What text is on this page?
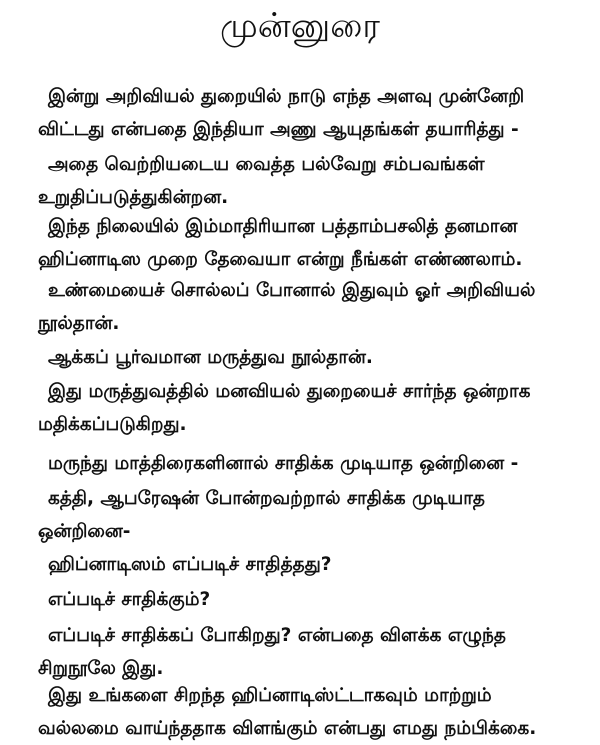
முன்னுரை

இன்று அறிவியல் துறையில் நாடு எந்த அளவு முன்னேறி
விட்டது என்பதை இந்தியா அணு ஆயுதங்கள் தயாரித்து -

அதை வெற்றியடைய வைத்த பல்வேறு சம்பவங்கள்
உறுதிப்படுத்துகின்றன.

இந்த நிலையில் இம்மாதிரியான பத்தாம்பசலித் தனமான
ஹிப்னாடிஸ முறை தேவையா என்று நீங்கள் எண்ணலாம்.

உண்மையைச் சொல்லப் போனால் இதுவும் ஓர் அறிவியல்
நூல்தான்.

ஆக்கப் பூர்வமான மருத்துவ நூல்தான்.

இது மருத்துவத்தில் மனவியல் துறையைச் சார்ந்த ஒன்றாக
மதிக்கப்படுகிறது.

மருந்து மாத்திரைகளினால் சாதிக்க முடியாத ஒன்றினை -

கத்தி, ஆபரேஷன் போன்றவற்றால் சாதிக்க முடியாத
ஒன்றினை-

ஹிப்னாடிஸம் எப்படிச் சாதித்தது?

எப்படிச் சாதிக்கும்?

எப்படிச் சாதிக்கப் போகிறது? என்பதை விளக்க எழுந்த
சிறுநூலே இது.

இது உங்களை சிறந்த ஹிப்னாடிஸ்ட்டாகவும் மாற்றும்
வல்லமை வாய்ந்ததாக விளங்கும் என்பது எமது நம்பிக்கை.
